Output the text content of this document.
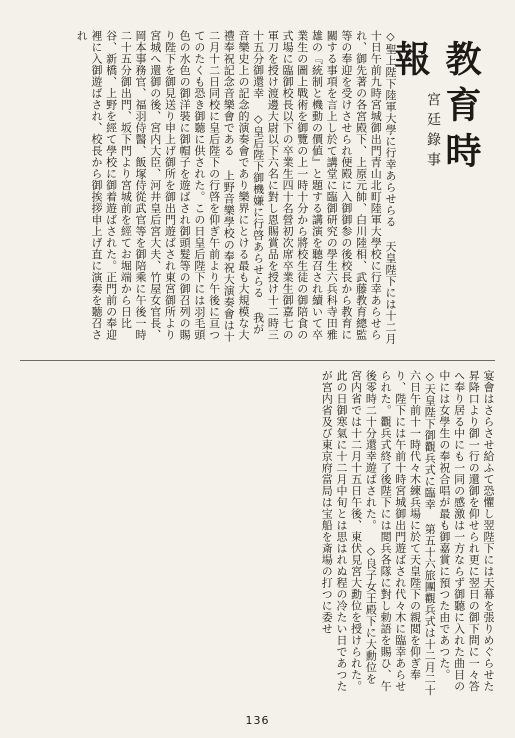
教育時報
宮廷錄事
◇聖上陛下陸軍大學に行幸あらせらる 天皇陛下には十二月十日午前九時宮城御出門青山北町陸軍大學校に行幸あらせられ、御先著の各宮殿下、上原元帥、白川陸相、武藤教育總監等の奉迎を受けさせられ便殿に入御御参の後校長から教育に關する事項を言上し於て講堂に臨御研究の學生六兵科寺田雅雄の『統制と機動の價値』と題する講演を聽召され續いて卒業生の圖上戰術を御覽の上一時十分から將校生徒の御陪食の式場に臨御校長以下の卒業生四十名營初次席卒業生御嘉七の軍刀を授け渡邊大尉以下六名に對し恩賜賞品を授け十二時三十五分御還幸 ◇皇后陛下御機嫌に行啓あらせらる 我が音樂史上の記念的演奏會であり樂界にとける最も大規模な大禮奉祝記念音樂會である 上野音樂學校の奉祝大演奏會は十二月十二日同校に皇后陛下の行啓を仰ぎ午前より午後に亘つてのたくも恐き御聽に供された。この日皇后陛下には羽毛頭色の水色の御洋裝に御帽子を遊ばされ御頭髮等の御召列の賜り陛下を御見送り申上げ御所を御出門遊ばされ東宮御所より宮城へ還御の後、宮内大臣、河井皇后宮大夫、竹屋女官長、岡本事務官、福羽侍醫、飯塚侍從武官等を御陪乘に午後一時二十五分御出門、坂下門より宮城前を經てお堀端から日比谷、新橋、上野を經て學校に御着遊ばされた。正門前の奉迎裡に入御遊ばされ、校長から御挨拶申上げ直に演奏を聽召され
宴會はさらさせ給ふて恐懼し翌陛下には天幕を張りめぐらせた昇降口より御一行の還御を仰せられ更に翌日の御下問に一々答へ奉り居る中にも一同の感激は一方ならず御聽に入れた曲目の中には女學生の奉祝合唱が最も御嘉賞に預つた由であつた。 ◇天皇陛下御觀兵式に臨幸 第五十六旅團觀兵式は十二月二十六日午前十一時代々木練兵場に於て天皇陛下の親閲を仰ぎ奉り、陛下には午前十時宮城御出門遊ばされ代々木に臨幸あらせられた。觀兵式終了後陛下には閲兵各隊に對し勅語を賜ひ、午後零時二十分還幸遊ばされた。 ◇良子女王殿下に大勳位を 宮内省では十二月十五日午後、東伏見宮大勳位を授けられた。 此の日御寒氣に十二月中旬とは思はれぬ程の冷たい日であつたが宮内省及び東京府當局は宝船を斎場の打つに委せ
136
